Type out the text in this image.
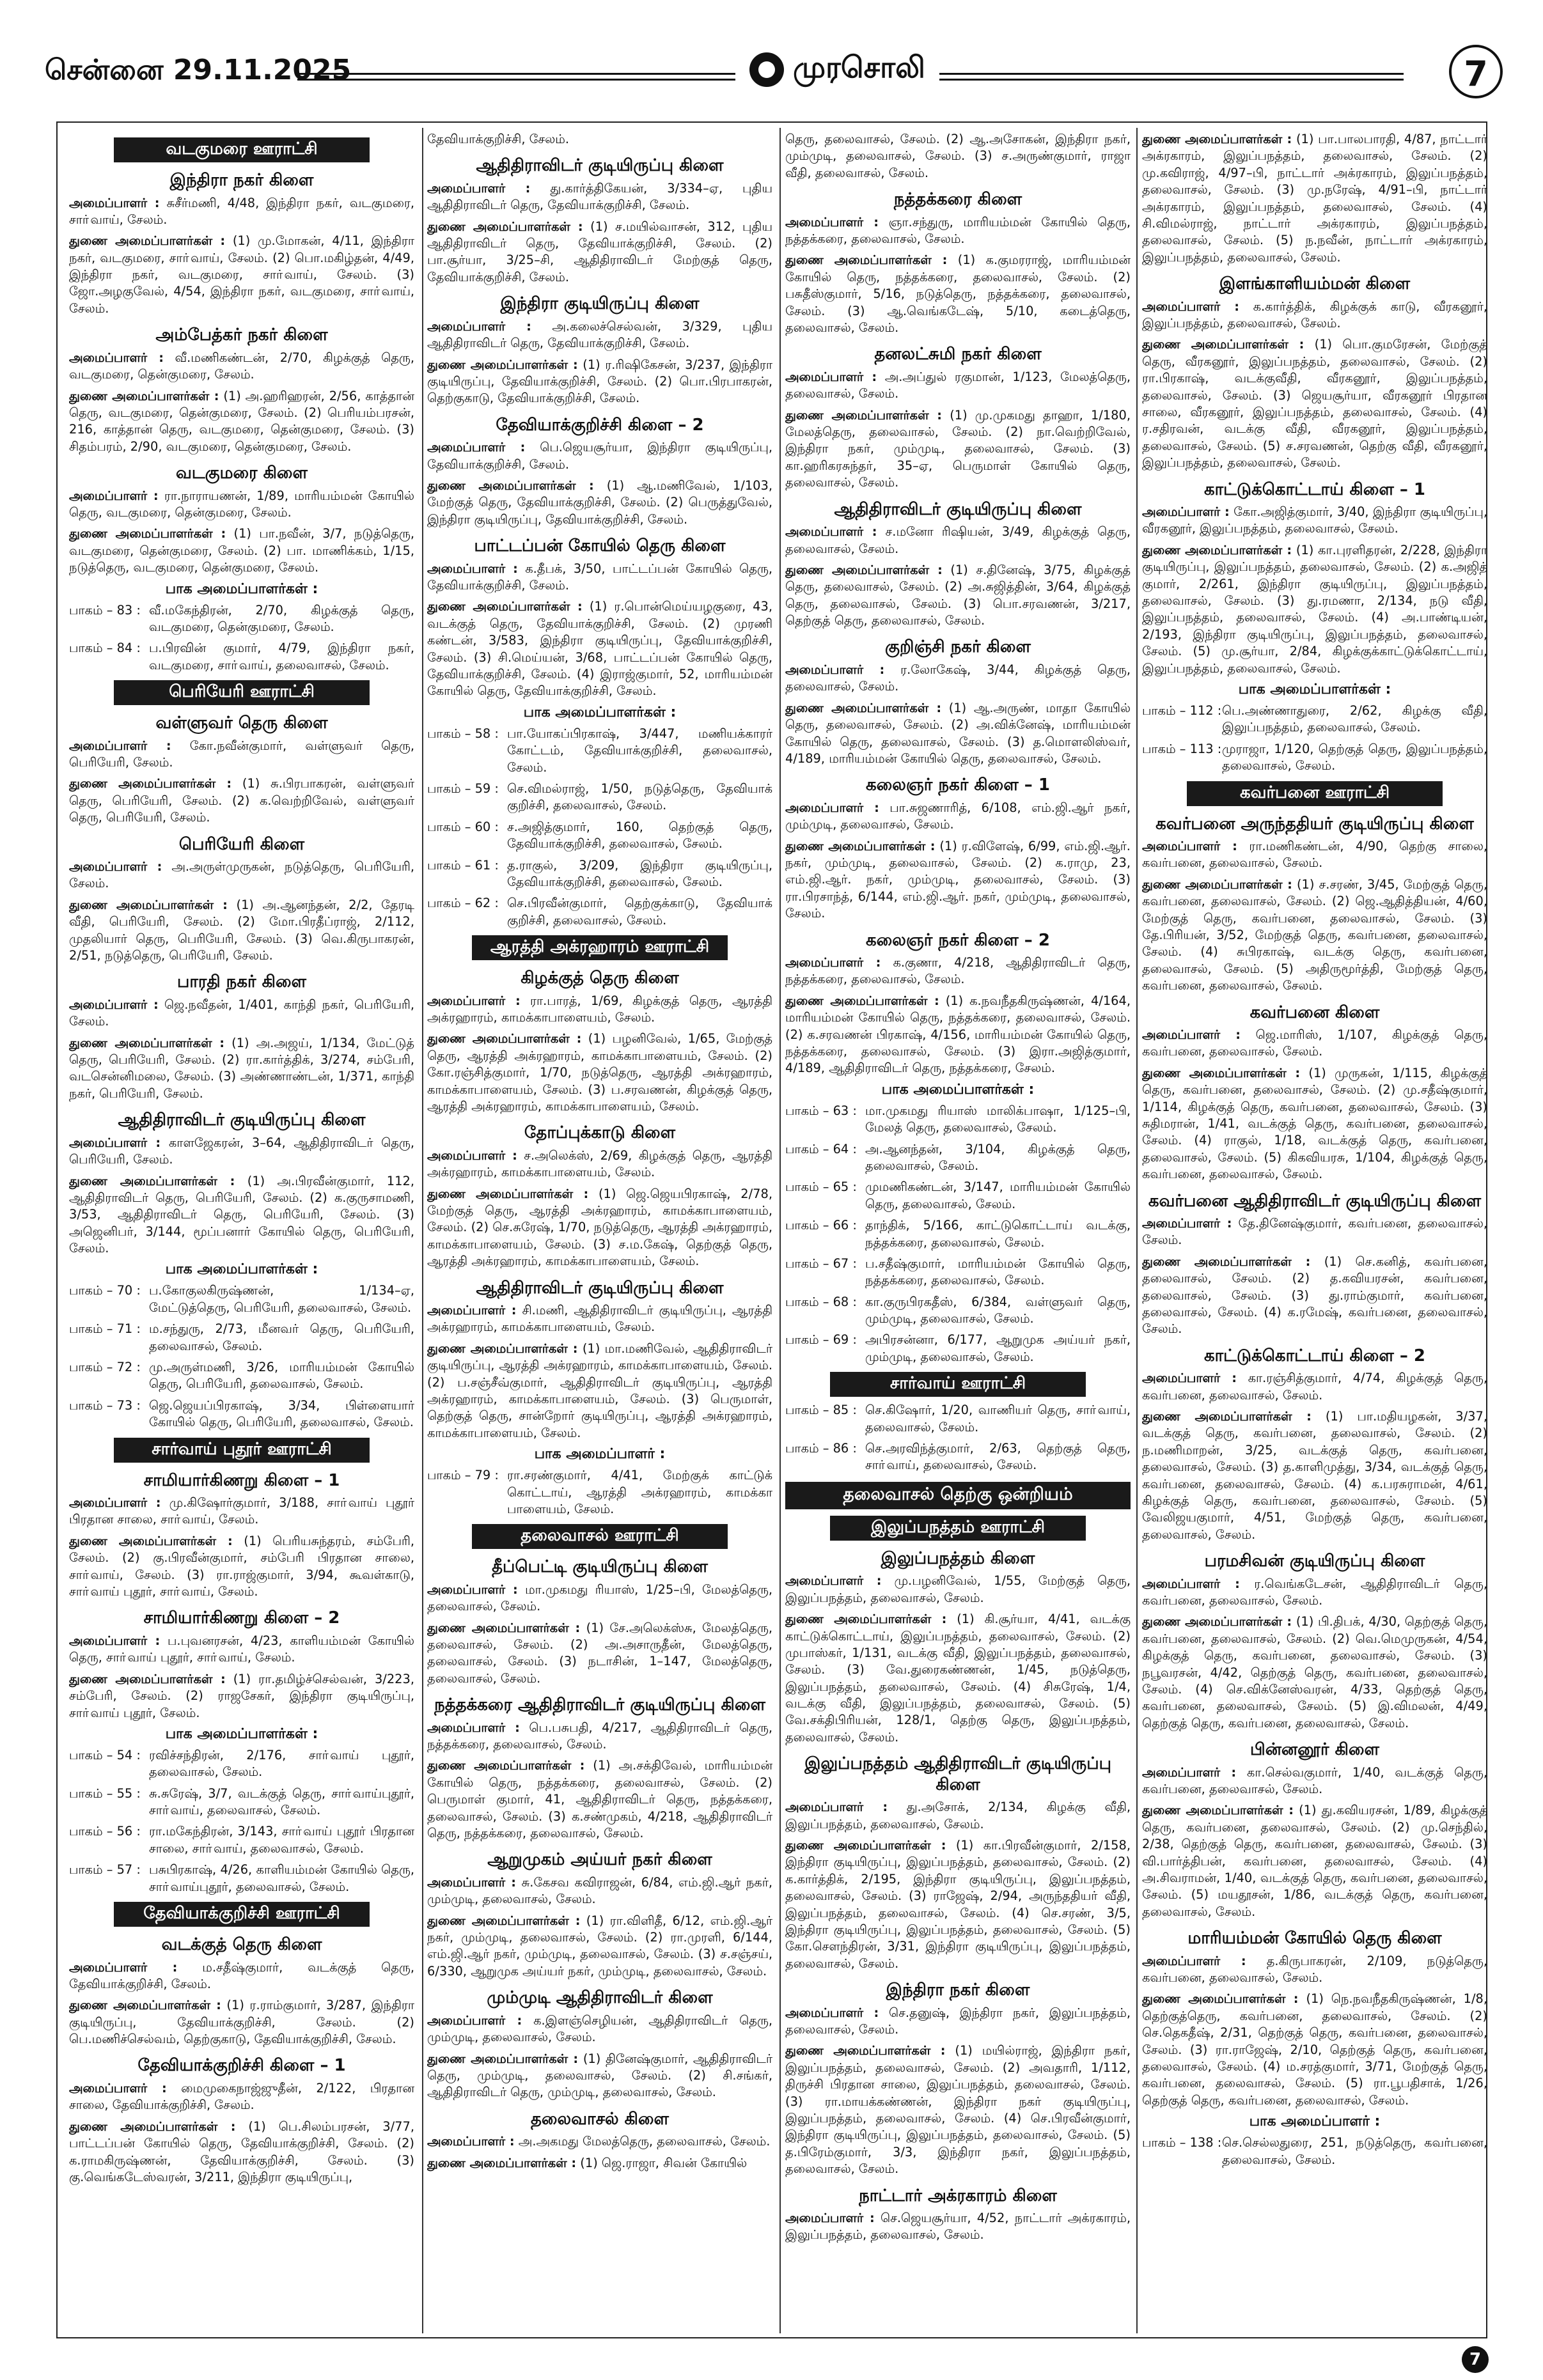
சென்னை 29.11.2025	முரசொலி	7
வடகுமரை ஊராட்சி
இந்திரா நகர் கிளை

அமைப்பாளர் : சுசீர்மணி, 4/48, இந்திரா நகர், வடகுமரை, சாா்வாய், சேலம்.

துணை அமைப்பாளர்கள் : (1) மு.மோகன், 4/11, இந்திரா நகர், வடகுமரை, சாா்வாய், சேலம். (2) பொ.மகிழ்தன், 4/49, இந்திரா நகர், வடகுமரை, சாா்வாய், சேலம். (3) ஜோ.அழகுவேல், 4/54, இந்திரா நகர், வடகுமரை, சாா்வாய், சேலம்.

அம்பேத்கர் நகர் கிளை

அமைப்பாளர் : வீ.மணிகண்டன், 2/70, கிழக்குத் தெரு, வடகுமரை, தென்குமரை, சேலம்.

துணை அமைப்பாளர்கள் : (1) அ.ஹரிஹரன், 2/56, காத்தான் தெரு, வடகுமரை, தென்குமரை, சேலம். (2) பெரியம்பரசன், 216, காத்தான் தெரு, வடகுமரை, தென்குமரை, சேலம். (3) சிதம்பரம், 2/90, வடகுமரை, தென்குமரை, சேலம்.

வடகுமரை கிளை

அமைப்பாளர் : ரா.நாராயணன், 1/89, மாரியம்மன் கோயில் தெரு, வடகுமரை, தென்குமரை, சேலம்.

துணை அமைப்பாளர்கள் : (1) பா.நவீன், 3/7, நடுத்தெரு, வடகுமரை, தென்குமரை, சேலம். (2) பா. மாணிக்கம், 1/15, நடுத்தெரு, வடகுமரை, தென்குமரை, சேலம்.

பாக அமைப்பாளர்கள் :
பாகம் – 83 : வீ.மகேந்திரன், 2/70, கிழக்குத் தெரு, வடகுமரை, தென்குமரை, சேலம்.
பாகம் – 84 : ப.பிரவின் குமார், 4/79, இந்திரா நகர், வடகுமரை, சாா்வாய், தலைவாசல், சேலம்.
பெரியேரி ஊராட்சி
வள்ளுவர் தெரு கிளை

அமைப்பாளர் : கோ.நவீன்குமார், வள்ளுவர் தெரு, பெரியேரி, சேலம்.

துணை அமைப்பாளர்கள் : (1) சு.பிரபாகரன், வள்ளுவர் தெரு, பெரியேரி, சேலம். (2) க.வெற்றிவேல், வள்ளுவர் தெரு, பெரியேரி, சேலம்.

பெரியேரி கிளை

அமைப்பாளர் : அ.அருள்முருகன், நடுத்தெரு, பெரியேரி, சேலம்.

துணை அமைப்பாளர்கள் : (1) அ.ஆனந்தன், 2/2, தேரடி வீதி, பெரியேரி, சேலம். (2) மோ.பிரதீப்ராஜ், 2/112, முதலியார் தெரு, பெரியேரி, சேலம். (3) வெ.கிருபாகரன், 2/51, நடுத்தெரு, பெரியேரி, சேலம்.

பாரதி நகர் கிளை

அமைப்பாளர் : ஜெ.நவீதன், 1/401, காந்தி நகர், பெரியேரி, சேலம்.

துணை அமைப்பாளர்கள் : (1) அ.அஜய், 1/134, மேட்டுத் தெரு, பெரியேரி, சேலம். (2) ரா.கார்த்திக், 3/274, சம்பேரி, வடசென்னிமலை, சேலம். (3) அண்ணாண்டன், 1/371, காந்தி நகர், பெரியேரி, சேலம்.

ஆதிதிராவிடர் குடியிருப்பு கிளை

அமைப்பாளர் : காளஜேகரன், 3–64, ஆதிதிராவிடர் தெரு, பெரியேரி, சேலம்.

துணை அமைப்பாளர்கள் : (1) அ.பிரவீன்குமார், 112, ஆதிதிராவிடர் தெரு, பெரியேரி, சேலம். (2) க.குருசாமணி, 3/53, ஆதிதிராவிடர் தெரு, பெரியேரி, சேலம். (3) அஜெனிபர், 3/144, மூப்பனார் கோயில் தெரு, பெரியேரி, சேலம்.

பாக அமைப்பாளர்கள் :
பாகம் – 70 : ப.கோகுலகிருஷ்ணன், 1/134–ஏ, மேட்டுத்தெரு, பெரியேரி, தலைவாசல், சேலம்.
பாகம் – 71 : ம.சந்துரு, 2/73, மீனவர் தெரு, பெரியேரி, தலைவாசல், சேலம்.
பாகம் – 72 : மு.அருள்மணி, 3/26, மாரியம்மன் கோயில் தெரு, பெரியேரி, தலைவாசல், சேலம்.
பாகம் – 73 : ஜெ.ஜெயப்பிரகாஷ், 3/34, பிள்ளையார் கோயில் தெரு, பெரியேரி, தலைவாசல், சேலம்.
சார்வாய் புதூர் ஊராட்சி
சாமியார்கிணறு கிளை – 1

அமைப்பாளர் : மு.கிஷோர்குமார், 3/188, சாா்வாய் புதூர் பிரதான சாலை, சாா்வாய், சேலம்.

துணை அமைப்பாளர்கள் : (1) பெரியசுந்தரம், சம்பேரி, சேலம். (2) கு.பிரவீன்குமார், சம்பேரி பிரதான சாலை, சாா்வாய், சேலம். (3) ரா.ராஜ்குமார், 3/94, கூவள்காடு, சாா்வாய் புதூர், சாா்வாய், சேலம்.

சாமியார்கிணறு கிளை – 2

அமைப்பாளர் : ப.புவனரசன், 4/23, காளியம்மன் கோயில் தெரு, சாா்வாய் புதூர், சாா்வாய், சேலம்.

துணை அமைப்பாளர்கள் : (1) ரா.தமிழ்ச்செல்வன், 3/223, சம்பேரி, சேலம். (2) ராஜசேகர், இந்திரா குடியிருப்பு, சாா்வாய் புதூர், சேலம்.

பாக அமைப்பாளர்கள் :
பாகம் – 54 : ரவிச்சந்திரன், 2/176, சாா்வாய் புதூர், தலைவாசல், சேலம்.
பாகம் – 55 : சு.சுரேஷ், 3/7, வடக்குத் தெரு, சாா்வாய்புதூர், சாா்வாய், தலைவாசல், சேலம்.
பாகம் – 56 : ரா.மகேந்திரன், 3/143, சாா்வாய் புதூர் பிரதான சாலை, சாா்வாய், தலைவாசல், சேலம்.
பாகம் – 57 : பசுபிரகாஷ், 4/26, காளியம்மன் கோயில் தெரு, சாா்வாய்புதூர், தலைவாசல், சேலம்.
தேவியாக்குறிச்சி ஊராட்சி
வடக்குத் தெரு கிளை

அமைப்பாளர் : ம.சதீஷ்குமார், வடக்குத் தெரு, தேவியாக்குறிச்சி, சேலம்.

துணை அமைப்பாளர்கள் : (1) ர.ராம்குமார், 3/287, இந்திரா குடியிருப்பு, தேவியாக்குறிச்சி, சேலம். (2) பெ.மணிச்செல்வம், தெற்குகாடு, தேவியாக்குறிச்சி, சேலம்.

தேவியாக்குறிச்சி கிளை – 1

அமைப்பாளர் : மைமுகைநாஜ்ஜுதீன், 2/122, பிரதான சாலை, தேவியாக்குறிச்சி, சேலம்.

துணை அமைப்பாளர்கள் : (1) பெ.சிலம்பரசன், 3/77, பாட்டப்பன் கோயில் தெரு, தேவியாக்குறிச்சி, சேலம். (2) க.ராமகிருஷ்ணன், தேவியாக்குறிச்சி, சேலம். (3) கு.வெங்கடேஸ்வரன், 3/211, இந்திரா குடியிருப்பு,

தேவியாக்குறிச்சி, சேலம்.

ஆதிதிராவிடர் குடியிருப்பு கிளை

அமைப்பாளர் : து.கார்த்திகேயன், 3/334–ஏ, புதிய ஆதிதிராவிடர் தெரு, தேவியாக்குறிச்சி, சேலம்.

துணை அமைப்பாளர்கள் : (1) ச.மயில்வாசன், 312, புதிய ஆதிதிராவிடர் தெரு, தேவியாக்குறிச்சி, சேலம். (2) பா.சூர்யா, 3/25–சி, ஆதிதிராவிடர் மேற்குத் தெரு, தேவியாக்குறிச்சி, சேலம்.

இந்திரா குடியிருப்பு கிளை

அமைப்பாளர் : அ.கலைச்செல்வன், 3/329, புதிய ஆதிதிராவிடர் தெரு, தேவியாக்குறிச்சி, சேலம்.

துணை அமைப்பாளர்கள் : (1) ர.ரிஷிகேசன், 3/237, இந்திரா குடியிருப்பு, தேவியாக்குறிச்சி, சேலம். (2) பொ.பிரபாகரன், தெற்குகாடு, தேவியாக்குறிச்சி, சேலம்.

தேவியாக்குறிச்சி கிளை – 2

அமைப்பாளர் : பெ.ஜெயசூர்யா, இந்திரா குடியிருப்பு, தேவியாக்குறிச்சி, சேலம்.

துணை அமைப்பாளர்கள் : (1) ஆ.மணிவேல், 1/103, மேற்குத் தெரு, தேவியாக்குறிச்சி, சேலம். (2) பெருத்துவேல், இந்திரா குடியிருப்பு, தேவியாக்குறிச்சி, சேலம்.

பாட்டப்பன் கோயில் தெரு கிளை

அமைப்பாளர் : க.தீபக், 3/50, பாட்டப்பன் கோயில் தெரு, தேவியாக்குறிச்சி, சேலம்.

துணை அமைப்பாளர்கள் : (1) ர.பொன்மெய்யழகுரை, 43, வடக்குத் தெரு, தேவியாக்குறிச்சி, சேலம். (2) முரணி கண்டன், 3/583, இந்திரா குடியிருப்பு, தேவியாக்குறிச்சி, சேலம். (3) சி.மெய்யன், 3/68, பாட்டப்பன் கோயில் தெரு, தேவியாக்குறிச்சி, சேலம். (4) இராஜ்குமார், 52, மாரியம்மன் கோயில் தெரு, தேவியாக்குறிச்சி, சேலம்.

பாக அமைப்பாளர்கள் :
பாகம் – 58 : பா.யோகப்பிரகாஷ், 3/447, மணியக்காரர் கோட்டம், தேவியாக்குறிச்சி, தலைவாசல், சேலம்.
பாகம் – 59 : செ.விமல்ராஜ், 1/50, நடுத்தெரு, தேவியாக் குறிச்சி, தலைவாசல், சேலம்.
பாகம் – 60 : ச.அஜித்குமார், 160, தெற்குத் தெரு, தேவியாக்குறிச்சி, தலைவாசல், சேலம்.
பாகம் – 61 : த.ராகுல், 3/209, இந்திரா குடியிருப்பு, தேவியாக்குறிச்சி, தலைவாசல், சேலம்.
பாகம் – 62 : செ.பிரவீன்குமார், தெற்குக்காடு, தேவியாக் குறிச்சி, தலைவாசல், சேலம்.
ஆரத்தி அக்ரஹாரம் ஊராட்சி
கிழக்குத் தெரு கிளை

அமைப்பாளர் : ரா.பாரத், 1/69, கிழக்குத் தெரு, ஆரத்தி அக்ரஹாரம், காமக்காபாளையம், சேலம்.

துணை அமைப்பாளர்கள் : (1) பழனிவேல், 1/65, மேற்குத் தெரு, ஆரத்தி அக்ரஹாரம், காமக்காபாளையம், சேலம். (2) கோ.ரஞ்சித்குமார், 1/70, நடுத்தெரு, ஆரத்தி அக்ரஹாரம், காமக்காபாளையம், சேலம். (3) ப.சரவணன், கிழக்குத் தெரு, ஆரத்தி அக்ரஹாரம், காமக்காபாளையம், சேலம்.

தோப்புக்காடு கிளை

அமைப்பாளர் : ச.அலெக்ஸ், 2/69, கிழக்குத் தெரு, ஆரத்தி அக்ரஹாரம், காமக்காபாளையம், சேலம்.

துணை அமைப்பாளர்கள் : (1) ஜெ.ஜெயபிரகாஷ், 2/78, மேற்குத் தெரு, ஆரத்தி அக்ரஹாரம், காமக்காபாளையம், சேலம். (2) செ.சுரேஷ், 1/70, நடுத்தெரு, ஆரத்தி அக்ரஹாரம், காமக்காபாளையம், சேலம். (3) ச.ம.கேஷ், தெற்குத் தெரு, ஆரத்தி அக்ரஹாரம், காமக்காபாளையம், சேலம்.

ஆதிதிராவிடர் குடியிருப்பு கிளை

அமைப்பாளர் : சி.மணி, ஆதிதிராவிடர் குடியிருப்பு, ஆரத்தி அக்ரஹாரம், காமக்காபாளையம், சேலம்.

துணை அமைப்பாளர்கள் : (1) மா.மணிவேல், ஆதிதிராவிடர் குடியிருப்பு, ஆரத்தி அக்ரஹாரம், காமக்காபாளையம், சேலம். (2) ப.சஞ்சீவ்குமார், ஆதிதிராவிடர் குடியிருப்பு, ஆரத்தி அக்ரஹாரம், காமக்காபாளையம், சேலம். (3) பெருமாள், தெற்குத் தெரு, சான்றோர் குடியிருப்பு, ஆரத்தி அக்ரஹாரம், காமக்காபாளையம், சேலம்.

பாக அமைப்பாளர் :
பாகம் – 79 : ரா.சரண்குமார், 4/41, மேற்குக் காட்டுக் கொட்டாய், ஆரத்தி அக்ரஹாரம், காமக்கா பாளையம், சேலம்.
தலைவாசல் ஊராட்சி
தீப்பெட்டி குடியிருப்பு கிளை

அமைப்பாளர் : மா.முகமது ரியாஸ், 1/25–பி, மேலத்தெரு, தலைவாசல், சேலம்.

துணை அமைப்பாளர்கள் : (1) சே.அலெக்ஸ்சு, மேலத்தெரு, தலைவாசல், சேலம். (2) அ.அசாருதீன், மேலத்தெரு, தலைவாசல், சேலம். (3) நடாசின், 1–147, மேலத்தெரு, தலைவாசல், சேலம்.

நத்தக்கரை ஆதிதிராவிடர் குடியிருப்பு கிளை

அமைப்பாளர் : பெ.பசுபதி, 4/217, ஆதிதிராவிடர் தெரு, நத்தக்கரை, தலைவாசல், சேலம்.

துணை அமைப்பாளர்கள் : (1) அ.சக்திவேல், மாரியம்மன் கோயில் தெரு, நத்தக்கரை, தலைவாசல், சேலம். (2) பெருமாள் குமார், 41, ஆதிதிராவிடர் தெரு, நத்தக்கரை, தலைவாசல், சேலம். (3) க.சண்முகம், 4/218, ஆதிதிராவிடர் தெரு, நத்தக்கரை, தலைவாசல், சேலம்.

ஆறுமுகம் அய்யர் நகர் கிளை

அமைப்பாளர் : சு.கேசவ கவிராஜன், 6/84, எம்.ஜி.ஆர் நகர், மும்முடி, தலைவாசல், சேலம்.

துணை அமைப்பாளர்கள் : (1) ரா.விளிதீ, 6/12, எம்.ஜி.ஆர் நகர், மும்முடி, தலைவாசல், சேலம். (2) ரா.முரளி, 6/144, எம்.ஜி.ஆர் நகர், மும்முடி, தலைவாசல், சேலம். (3) ச.சஞ்சய், 6/330, ஆறுமுக அய்யர் நகர், மும்முடி, தலைவாசல், சேலம்.

மும்முடி ஆதிதிராவிடர் கிளை

அமைப்பாளர் : க.இளஞ்செழியன், ஆதிதிராவிடர் தெரு, மும்முடி, தலைவாசல், சேலம்.

துணை அமைப்பாளர்கள் : (1) தினேஷ்குமார், ஆதிதிராவிடர் தெரு, மும்முடி, தலைவாசல், சேலம். (2) சி.சங்கர், ஆதிதிராவிடர் தெரு, மும்முடி, தலைவாசல், சேலம்.

தலைவாசல் கிளை

அமைப்பாளர் : அ.அகமது மேலத்தெரு, தலைவாசல், சேலம்.

துணை அமைப்பாளர்கள் : (1) ஜெ.ராஜா, சிவன் கோயில்

தெரு, தலைவாசல், சேலம். (2) ஆ.அசோகன், இந்திரா நகர், மும்முடி, தலைவாசல், சேலம். (3) ச.அருண்குமார், ராஜா வீதி, தலைவாசல், சேலம்.

நத்தக்கரை கிளை

அமைப்பாளர் : ஞா.சந்துரு, மாரியம்மன் கோயில் தெரு, நத்தக்கரை, தலைவாசல், சேலம்.

துணை அமைப்பாளர்கள் : (1) க.குமரராஜ், மாரியம்மன் கோயில் தெரு, நத்தக்கரை, தலைவாசல், சேலம். (2) பசுதீஸ்குமார், 5/16, நடுத்தெரு, நத்தக்கரை, தலைவாசல், சேலம். (3) ஆ.வெங்கடேஷ், 5/10, கடைத்தெரு, தலைவாசல், சேலம்.

தனலட்சுமி நகர் கிளை

அமைப்பாளர் : அ.அப்துல் ரகுமான், 1/123, மேலத்தெரு, தலைவாசல், சேலம்.

துணை அமைப்பாளர்கள் : (1) மு.முகமது தாஹா, 1/180, மேலத்தெரு, தலைவாசல், சேலம். (2) நா.வெற்றிவேல், இந்திரா நகர், மும்முடி, தலைவாசல், சேலம். (3) கா.ஹரிகரசுந்தர், 35–ஏ, பெருமாள் கோயில் தெரு, தலைவாசல், சேலம்.

ஆதிதிராவிடர் குடியிருப்பு கிளை

அமைப்பாளர் : ச.மனோ ரிஷியன், 3/49, கிழக்குத் தெரு, தலைவாசல், சேலம்.

துணை அமைப்பாளர்கள் : (1) ச.தினேஷ், 3/75, கிழக்குத் தெரு, தலைவாசல், சேலம். (2) அ.சுஜித்தின், 3/64, கிழக்குத் தெரு, தலைவாசல், சேலம். (3) பொ.சரவணன், 3/217, தெற்குத் தெரு, தலைவாசல், சேலம்.

குறிஞ்சி நகர் கிளை

அமைப்பாளர் : ர.லோகேஷ், 3/44, கிழக்குத் தெரு, தலைவாசல், சேலம்.

துணை அமைப்பாளர்கள் : (1) ஆ.அருண், மாதா கோயில் தெரு, தலைவாசல், சேலம். (2) அ.விக்னேஷ், மாரியம்மன் கோயில் தெரு, தலைவாசல், சேலம். (3) த.மொளலிஸ்வர், 4/189, மாரியம்மன் கோயில் தெரு, தலைவாசல், சேலம்.

கலைஞர் நகர் கிளை – 1

அமைப்பாளர் : பா.சுஜணாரித், 6/108, எம்.ஜி.ஆர் நகர், மும்முடி, தலைவாசல், சேலம்.

துணை அமைப்பாளர்கள் : (1) ர.விளேஷ், 6/99, எம்.ஜி.ஆர். நகர், மும்முடி, தலைவாசல், சேலம். (2) க.ராமு, 23, எம்.ஜி.ஆர். நகர், மும்முடி, தலைவாசல், சேலம். (3) ரா.பிரசாந்த், 6/144, எம்.ஜி.ஆர். நகர், மும்முடி, தலைவாசல், சேலம்.

கலைஞர் நகர் கிளை – 2

அமைப்பாளர் : க.குணா, 4/218, ஆதிதிராவிடர் தெரு, நத்தக்கரை, தலைவாசல், சேலம்.

துணை அமைப்பாளர்கள் : (1) க.நவநீதகிருஷ்ணன், 4/164, மாரியம்மன் கோயில் தெரு, நத்தக்கரை, தலைவாசல், சேலம். (2) க.சரவணன் பிரகாஷ், 4/156, மாரியம்மன் கோயில் தெரு, நத்தக்கரை, தலைவாசல், சேலம். (3) இரா.அஜித்குமார், 4/189, ஆதிதிராவிடர் தெரு, நத்தக்கரை, சேலம்.

பாக அமைப்பாளர்கள் :
பாகம் – 63 : மா.முகமது ரியாஸ் மாலிக்பாஷா, 1/125–பி, மேலத் தெரு, தலைவாசல், சேலம்.
பாகம் – 64 : அ.ஆனந்தன், 3/104, கிழக்குத் தெரு, தலைவாசல், சேலம்.
பாகம் – 65 : முமணிகண்டன், 3/147, மாரியம்மன் கோயில் தெரு, தலைவாசல், சேலம்.
பாகம் – 66 : தாந்திக், 5/166, காட்டுகொட்டாய் வடக்கு, நத்தக்கரை, தலைவாசல், சேலம்.
பாகம் – 67 : ப.சதீஷ்குமார், மாரியம்மன் கோயில் தெரு, நத்தக்கரை, தலைவாசல், சேலம்.
பாகம் – 68 : கா.குருபிரகதீஸ், 6/384, வள்ளுவர் தெரு, மும்முடி, தலைவாசல், சேலம்.
பாகம் – 69 : அபிரசன்னா, 6/177, ஆறுமுக அய்யர் நகர், மும்முடி, தலைவாசல், சேலம்.
சார்வாய் ஊராட்சி
பாகம் – 85 : செ.கிஷோர், 1/20, வாணியர் தெரு, சாா்வாய், தலைவாசல், சேலம்.
பாகம் – 86 : செ.அரவிந்த்குமார், 2/63, தெற்குத் தெரு, சாா்வாய், தலைவாசல், சேலம்.
தலைவாசல் தெற்கு ஒன்றியம்
இலுப்பநத்தம் ஊராட்சி
இலுப்பநத்தம் கிளை

அமைப்பாளர் : மு.பழனிவேல், 1/55, மேற்குத் தெரு, இலுப்பநத்தம், தலைவாசல், சேலம்.

துணை அமைப்பாளர்கள் : (1) கி.சூர்யா, 4/41, வடக்கு காட்டுக்கொட்டாய், இலுப்பநத்தம், தலைவாசல், சேலம். (2) முபாஸ்கர், 1/131, வடக்கு வீதி, இலுப்பநத்தம், தலைவாசல், சேலம். (3) வே.துரைகண்ணன், 1/45, நடுத்தெரு, இலுப்பநத்தம், தலைவாசல், சேலம். (4) சிசுரேஷ், 1/4, வடக்கு வீதி, இலுப்பநத்தம், தலைவாசல், சேலம். (5) வே.சக்திபிரியன், 128/1, தெற்கு தெரு, இலுப்பநத்தம், தலைவாசல், சேலம்.

இலுப்பநத்தம் ஆதிதிராவிடர் குடியிருப்பு கிளை

அமைப்பாளர் : து.அசோக், 2/134, கிழக்கு வீதி, இலுப்பநத்தம், தலைவாசல், சேலம்.

துணை அமைப்பாளர்கள் : (1) கா.பிரவீன்குமார், 2/158, இந்திரா குடியிருப்பு, இலுப்பநத்தம், தலைவாசல், சேலம். (2) க.கார்த்திக், 2/195, இந்திரா குடியிருப்பு, இலுப்பநத்தம், தலைவாசல், சேலம். (3) ராஜேஷ், 2/94, அருந்ததியர் வீதி, இலுப்பநத்தம், தலைவாசல், சேலம். (4) செ.சரண், 3/5, இந்திரா குடியிருப்பு, இலுப்பநத்தம், தலைவாசல், சேலம். (5) கோ.செளந்திரன், 3/31, இந்திரா குடியிருப்பு, இலுப்பநத்தம், தலைவாசல், சேலம்.

இந்திரா நகர் கிளை

அமைப்பாளர் : செ.தனுஷ், இந்திரா நகர், இலுப்பநத்தம், தலைவாசல், சேலம்.

துணை அமைப்பாளர்கள் : (1) மயில்ராஜ், இந்திரா நகர், இலுப்பநத்தம், தலைவாசல், சேலம். (2) அவதாரி, 1/112, திருச்சி பிரதான சாலை, இலுப்பநத்தம், தலைவாசல், சேலம். (3) ரா.மாயக்கண்ணன், இந்திரா நகர் குடியிருப்பு, இலுப்பநத்தம், தலைவாசல், சேலம். (4) செ.பிரவீன்குமார், இந்திரா குடியிருப்பு, இலுப்பநத்தம், தலைவாசல், சேலம். (5) த.பிரேம்குமார், 3/3, இந்திரா நகர், இலுப்பநத்தம், தலைவாசல், சேலம்.

நாட்டார் அக்ரகாரம் கிளை

அமைப்பாளர் : செ.ஜெயசூர்யா, 4/52, நாட்டார் அக்ரகாரம், இலுப்பநத்தம், தலைவாசல், சேலம்.

துணை அமைப்பாளர்கள் : (1) பா.பாலபாரதி, 4/87, நாட்டார் அக்ரகாரம், இலுப்பநத்தம், தலைவாசல், சேலம். (2) மு.கவிராஜ், 4/97–பி, நாட்டார் அக்ரகாரம், இலுப்பநத்தம், தலைவாசல், சேலம். (3) மு.நரேஷ், 4/91–பி, நாட்டார் அக்ரகாரம், இலுப்பநத்தம், தலைவாசல், சேலம். (4) சி.விமல்ராஜ், நாட்டார் அக்ரகாரம், இலுப்பநத்தம், தலைவாசல், சேலம். (5) ந.நவீன், நாட்டார் அக்ரகாரம், இலுப்பநத்தம், தலைவாசல், சேலம்.

இளங்காளியம்மன் கிளை

அமைப்பாளர் : க.கார்த்திக், கிழக்குக் காடு, வீரகனூர், இலுப்பநத்தம், தலைவாசல், சேலம்.

துணை அமைப்பாளர்கள் : (1) பொ.குமரேசன், மேற்குத் தெரு, வீரகனூர், இலுப்பநத்தம், தலைவாசல், சேலம். (2) ரா.பிரகாஷ், வடக்குவீதி, வீரகனூர், இலுப்பநத்தம், தலைவாசல், சேலம். (3) ஜெயசூர்யா, வீரகனூர் பிரதான சாலை, வீரகனூர், இலுப்பநத்தம், தலைவாசல், சேலம். (4) ர.சதிரவன், வடக்கு வீதி, வீரகனூர், இலுப்பநத்தம், தலைவாசல், சேலம். (5) ச.சரவணன், தெற்கு வீதி, வீரகனூர், இலுப்பநத்தம், தலைவாசல், சேலம்.

காட்டுக்கொட்டாய் கிளை – 1

அமைப்பாளர் : கோ.அஜித்குமார், 3/40, இந்திரா குடியிருப்பு, வீரகனூர், இலுப்பநத்தம், தலைவாசல், சேலம்.

துணை அமைப்பாளர்கள் : (1) கா.புரளிதரன், 2/228, இந்திரா குடியிருப்பு, இலுப்பநத்தம், தலைவாசல், சேலம். (2) க.அஜித் குமார், 2/261, இந்திரா குடியிருப்பு, இலுப்பநத்தம், தலைவாசல், சேலம். (3) து.ரமணா, 2/134, நடு வீதி, இலுப்பநத்தம், தலைவாசல், சேலம். (4) அ.பாண்டியன், 2/193, இந்திரா குடியிருப்பு, இலுப்பநத்தம், தலைவாசல், சேலம். (5) மு.சூர்யா, 2/84, கிழக்குக்காட்டுக்கொட்டாய், இலுப்பநத்தம், தலைவாசல், சேலம்.

பாக அமைப்பாளர்கள் :
பாகம் – 112 : பெ.அண்ணாதுரை, 2/62, கிழக்கு வீதி, இலுப்பநத்தம், தலைவாசல், சேலம்.
பாகம் – 113 : முராஜா, 1/120, தெற்குத் தெரு, இலுப்பநத்தம், தலைவாசல், சேலம்.
கவர்பனை ஊராட்சி
கவர்பனை அருந்ததியர் குடியிருப்பு கிளை

அமைப்பாளர் : ரா.மணிகண்டன், 4/90, தெற்கு சாலை, கவர்பனை, தலைவாசல், சேலம்.

துணை அமைப்பாளர்கள் : (1) ச.சரண், 3/45, மேற்குத் தெரு, கவர்பனை, தலைவாசல், சேலம். (2) ஜெ.ஆதித்தியன், 4/60, மேற்குத் தெரு, கவர்பனை, தலைவாசல், சேலம். (3) தே.பிரியன், 3/52, மேற்குத் தெரு, கவர்பனை, தலைவாசல், சேலம். (4) சுபிரகாஷ், வடக்கு தெரு, கவர்பனை, தலைவாசல், சேலம். (5) அதிருமூர்த்தி, மேற்குத் தெரு, கவர்பனை, தலைவாசல், சேலம்.

கவர்பனை கிளை

அமைப்பாளர் : ஜெ.மாரிஸ், 1/107, கிழக்குத் தெரு, கவர்பனை, தலைவாசல், சேலம்.

துணை அமைப்பாளர்கள் : (1) முருகன், 1/115, கிழக்குத் தெரு, கவர்பனை, தலைவாசல், சேலம். (2) மு.சதீஷ்குமார், 1/114, கிழக்குத் தெரு, கவர்பனை, தலைவாசல், சேலம். (3) சுதிமரான், 1/41, வடக்குத் தெரு, கவர்பனை, தலைவாசல், சேலம். (4) ராகுல், 1/18, வடக்குத் தெரு, கவர்பனை, தலைவாசல், சேலம். (5) கிகவியரசு, 1/104, கிழக்குத் தெரு, கவர்பனை, தலைவாசல், சேலம்.

கவர்பனை ஆதிதிராவிடர் குடியிருப்பு கிளை

அமைப்பாளர் : தே.தினேஷ்குமார், கவர்பனை, தலைவாசல், சேலம்.

துணை அமைப்பாளர்கள் : (1) செ.கனித், கவர்பனை, தலைவாசல், சேலம். (2) த.கவியரசன், கவர்பனை, தலைவாசல், சேலம். (3) து.ராம்குமார், கவர்பனை, தலைவாசல், சேலம். (4) க.ரமேஷ், கவர்பனை, தலைவாசல், சேலம்.

காட்டுக்கொட்டாய் கிளை – 2

அமைப்பாளர் : கா.ரஞ்சித்குமார், 4/74, கிழக்குத் தெரு, கவர்பனை, தலைவாசல், சேலம்.

துணை அமைப்பாளர்கள் : (1) பா.மதியழகன், 3/37, வடக்குத் தெரு, கவர்பனை, தலைவாசல், சேலம். (2) ந.மணிமாறன், 3/25, வடக்குத் தெரு, கவர்பனை, தலைவாசல், சேலம். (3) த.காளிமுத்து, 3/34, வடக்குத் தெரு, கவர்பனை, தலைவாசல், சேலம். (4) க.பரசுராமன், 4/61, கிழக்குத் தெரு, கவர்பனை, தலைவாசல், சேலம். (5) வேலிஜயகுமார், 4/51, மேற்குத் தெரு, கவர்பனை, தலைவாசல், சேலம்.

பரமசிவன் குடியிருப்பு கிளை

அமைப்பாளர் : ர.வெங்கடேசன், ஆதிதிராவிடர் தெரு, கவர்பனை, தலைவாசல், சேலம்.

துணை அமைப்பாளர்கள் : (1) பி.திபக், 4/30, தெற்குத் தெரு, கவர்பனை, தலைவாசல், சேலம். (2) வெ.மெமுருகன், 4/54, கிழக்குத் தெரு, கவர்பனை, தலைவாசல், சேலம். (3) நபூவரசன், 4/42, தெற்குத் தெரு, கவர்பனை, தலைவாசல், சேலம். (4) செ.விக்னேஸ்வரன், 4/33, தெற்குத் தெரு, கவர்பனை, தலைவாசல், சேலம். (5) இ.விமலன், 4/49, தெற்குத் தெரு, கவர்பனை, தலைவாசல், சேலம்.

பின்னனூர் கிளை

அமைப்பாளர் : கா.செல்வகுமார், 1/40, வடக்குத் தெரு, கவர்பனை, தலைவாசல், சேலம்.

துணை அமைப்பாளர்கள் : (1) து.கவியரசன், 1/89, கிழக்குத் தெரு, கவர்பனை, தலைவாசல், சேலம். (2) மு.செந்தில், 2/38, தெற்குத் தெரு, கவர்பனை, தலைவாசல், சேலம். (3) வி.பார்த்திபன், கவர்பனை, தலைவாசல், சேலம். (4) அ.சிவராமன், 1/40, வடக்குத் தெரு, கவர்பனை, தலைவாசல், சேலம். (5) மயதூசன், 1/86, வடக்குத் தெரு, கவர்பனை, தலைவாசல், சேலம்.

மாரியம்மன் கோயில் தெரு கிளை

அமைப்பாளர் : த.கிருபாகரன், 2/109, நடுத்தெரு, கவர்பனை, தலைவாசல், சேலம்.

துணை அமைப்பாளர்கள் : (1) நெ.நவநீதகிருஷ்ணன், 1/8, தெற்குத்தெரு, கவர்பனை, தலைவாசல், சேலம். (2) செ.தெகதீஷ், 2/31, தெற்குத் தெரு, கவர்பனை, தலைவாசல், சேலம். (3) ரா.ராஜேஷ், 2/10, தெற்குத் தெரு, கவர்பனை, தலைவாசல், சேலம். (4) ம.சரத்குமார், 3/71, மேற்குத் தெரு, கவர்பனை, தலைவாசல், சேலம். (5) ரா.பூபதிசாக், 1/26, தெற்குத் தெரு, கவர்பனை, தலைவாசல், சேலம்.

பாக அமைப்பாளர் :
பாகம் – 138 : செ.செல்லதுரை, 251, நடுத்தெரு, கவர்பனை, தலைவாசல், சேலம்.
7
